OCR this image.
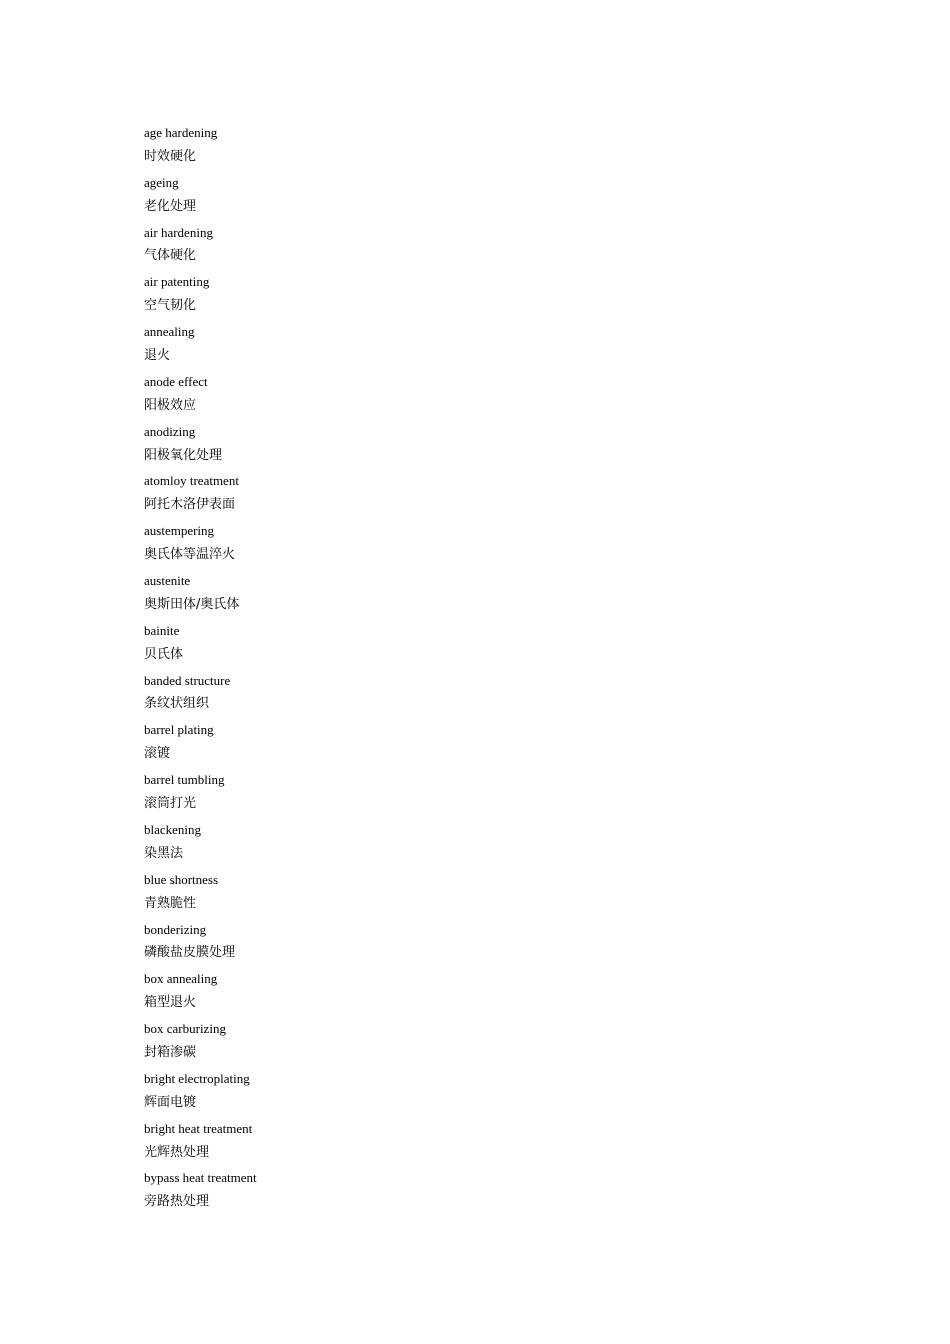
age hardening
时效硬化
ageing
老化处理
air hardening
气体硬化
air patenting
空气韧化
annealing
退火
anode effect
阳极效应
anodizing
阳极氧化处理
atomloy treatment
阿托木洛伊表面
austempering
奥氏体等温淬火
austenite
奥斯田体/奥氏体
bainite
贝氏体
banded structure
条纹状组织
barrel plating
滚镀
barrel tumbling
滚筒打光
blackening
染黑法
blue shortness
青熟脆性
bonderizing
磷酸盐皮膜处理
box annealing
箱型退火
box carburizing
封箱渗碳
bright electroplating
辉面电镀
bright heat treatment
光辉热处理
bypass heat treatment
旁路热处理
